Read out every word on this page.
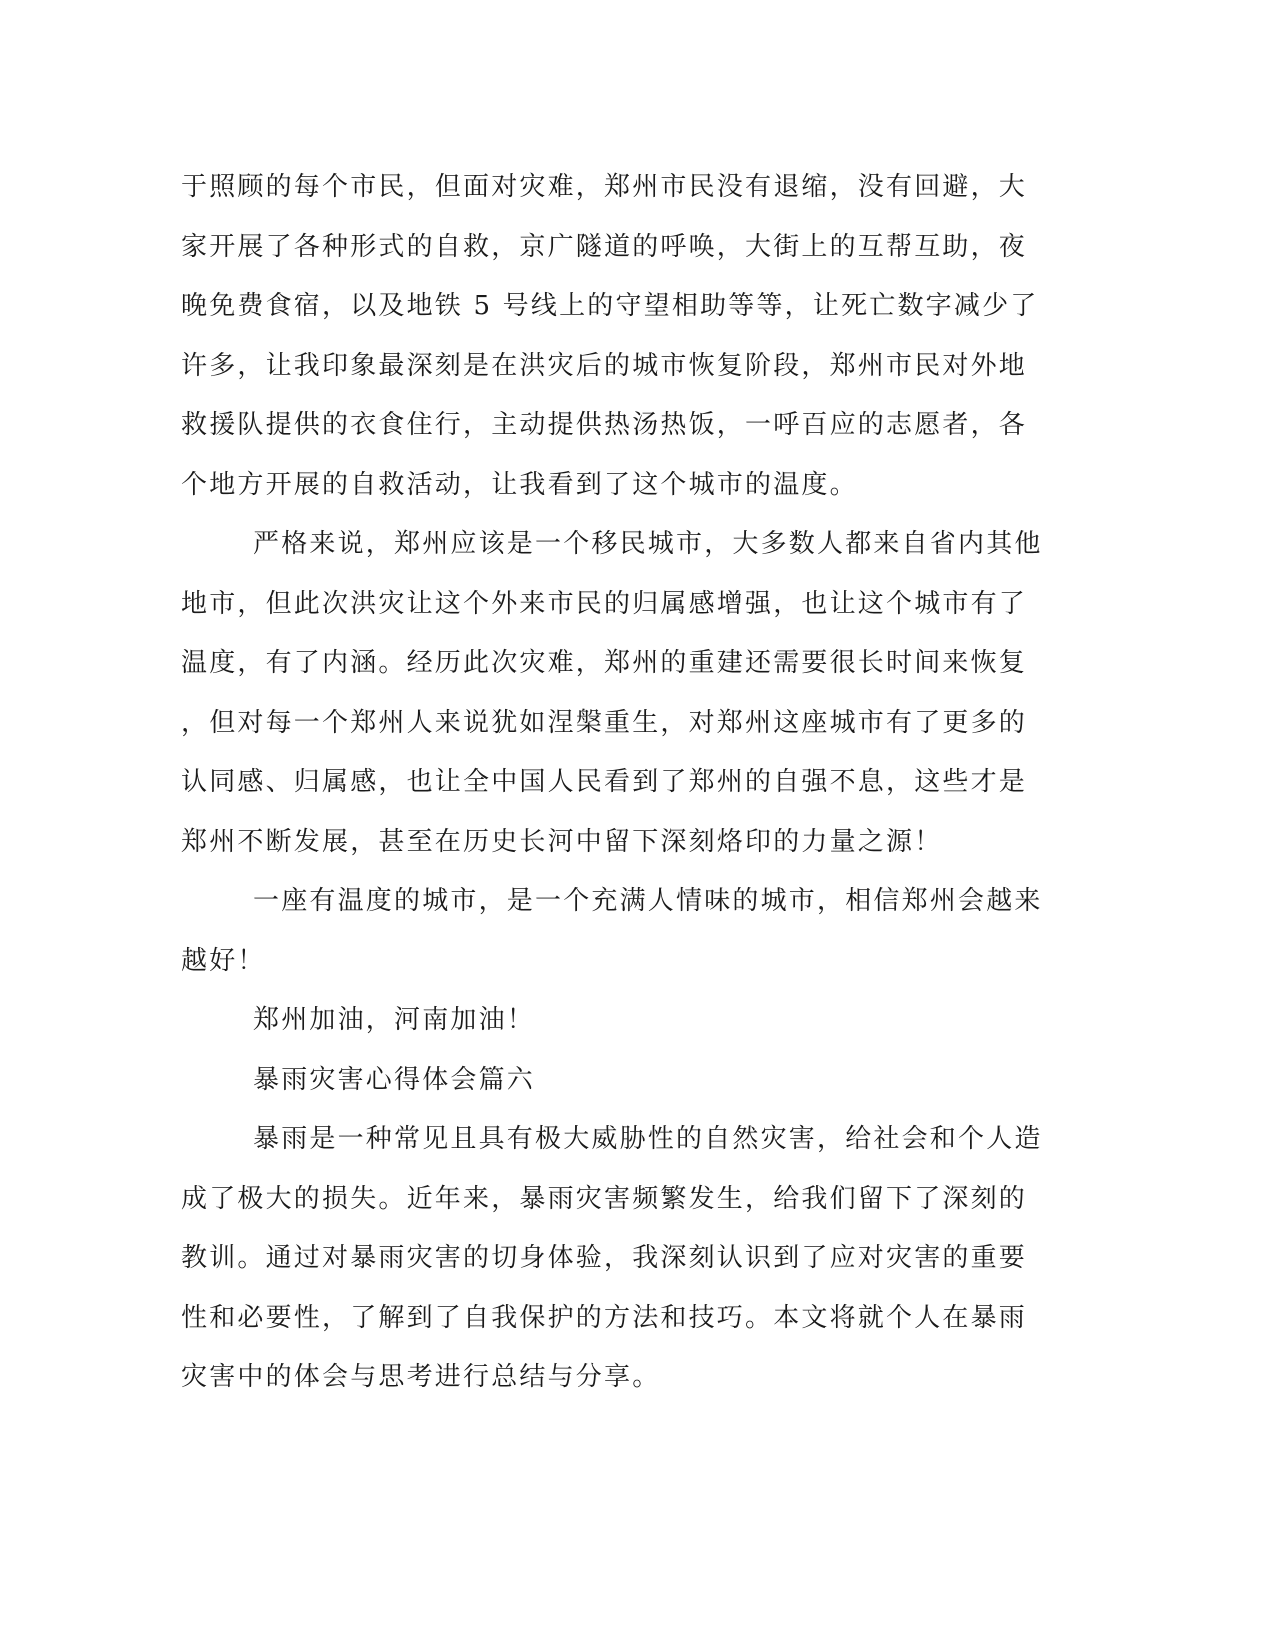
于照顾的每个市民，但面对灾难，郑州市民没有退缩，没有回避，大
家开展了各种形式的自救，京广隧道的呼唤，大街上的互帮互助，夜
晚免费食宿，以及地铁 5 号线上的守望相助等等，让死亡数字减少了
许多，让我印象最深刻是在洪灾后的城市恢复阶段，郑州市民对外地
救援队提供的衣食住行，主动提供热汤热饭，一呼百应的志愿者，各
个地方开展的自救活动，让我看到了这个城市的温度。
严格来说，郑州应该是一个移民城市，大多数人都来自省内其他
地市，但此次洪灾让这个外来市民的归属感增强，也让这个城市有了
温度，有了内涵。经历此次灾难，郑州的重建还需要很长时间来恢复
，但对每一个郑州人来说犹如涅槃重生，对郑州这座城市有了更多的
认同感、归属感，也让全中国人民看到了郑州的自强不息，这些才是
郑州不断发展，甚至在历史长河中留下深刻烙印的力量之源！
一座有温度的城市，是一个充满人情味的城市，相信郑州会越来
越好！
郑州加油，河南加油！
暴雨灾害心得体会篇六
暴雨是一种常见且具有极大威胁性的自然灾害，给社会和个人造
成了极大的损失。近年来，暴雨灾害频繁发生，给我们留下了深刻的
教训。通过对暴雨灾害的切身体验，我深刻认识到了应对灾害的重要
性和必要性，了解到了自我保护的方法和技巧。本文将就个人在暴雨
灾害中的体会与思考进行总结与分享。
